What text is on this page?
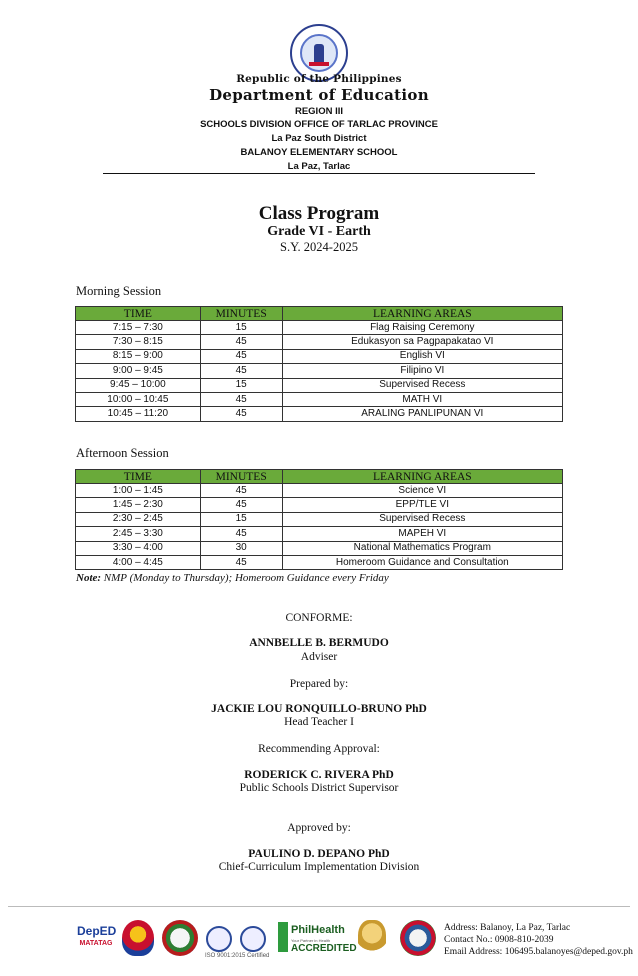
Republic of the Philippines
Department of Education
REGION III
SCHOOLS DIVISION OFFICE OF TARLAC PROVINCE
La Paz South District
BALANOY ELEMENTARY SCHOOL
La Paz, Tarlac
Class Program
Grade VI - Earth
S.Y. 2024-2025
Morning Session
TIME	MINUTES	LEARNING AREAS
7:15 – 7:30	15	Flag Raising Ceremony
7:30 – 8:15	45	Edukasyon sa Pagpapakatao VI
8:15 – 9:00	45	English VI
9:00 – 9:45	45	Filipino VI
9:45 – 10:00	15	Supervised Recess
10:00 – 10:45	45	MATH VI
10:45 – 11:20	45	ARALING PANLIPUNAN VI
Afternoon Session
TIME	MINUTES	LEARNING AREAS
1:00 – 1:45	45	Science VI
1:45 – 2:30	45	EPP/TLE VI
2:30 – 2:45	15	Supervised Recess
2:45 – 3:30	45	MAPEH VI
3:30 – 4:00	30	National Mathematics Program
4:00 – 4:45	45	Homeroom Guidance and Consultation
Note: NMP (Monday to Thursday); Homeroom Guidance every Friday
CONFORME:
ANNBELLE B. BERMUDO
Adviser
Prepared by:
JACKIE LOU RONQUILLO-BRUNO PhD
Head Teacher I
Recommending Approval:
RODERICK C. RIVERA PhD
Public Schools District Supervisor
Approved by:
PAULINO D. DEPANO PhD
Chief-Curriculum Implementation Division
DepED
MATATAG
ISO 9001:2015 Certified
PhilHealth
Your Partner in Health
ACCREDITED
Address: Balanoy, La Paz, Tarlac
Contact No.: 0908-810-2039
Email Address: 106495.balanoyes@deped.gov.ph
